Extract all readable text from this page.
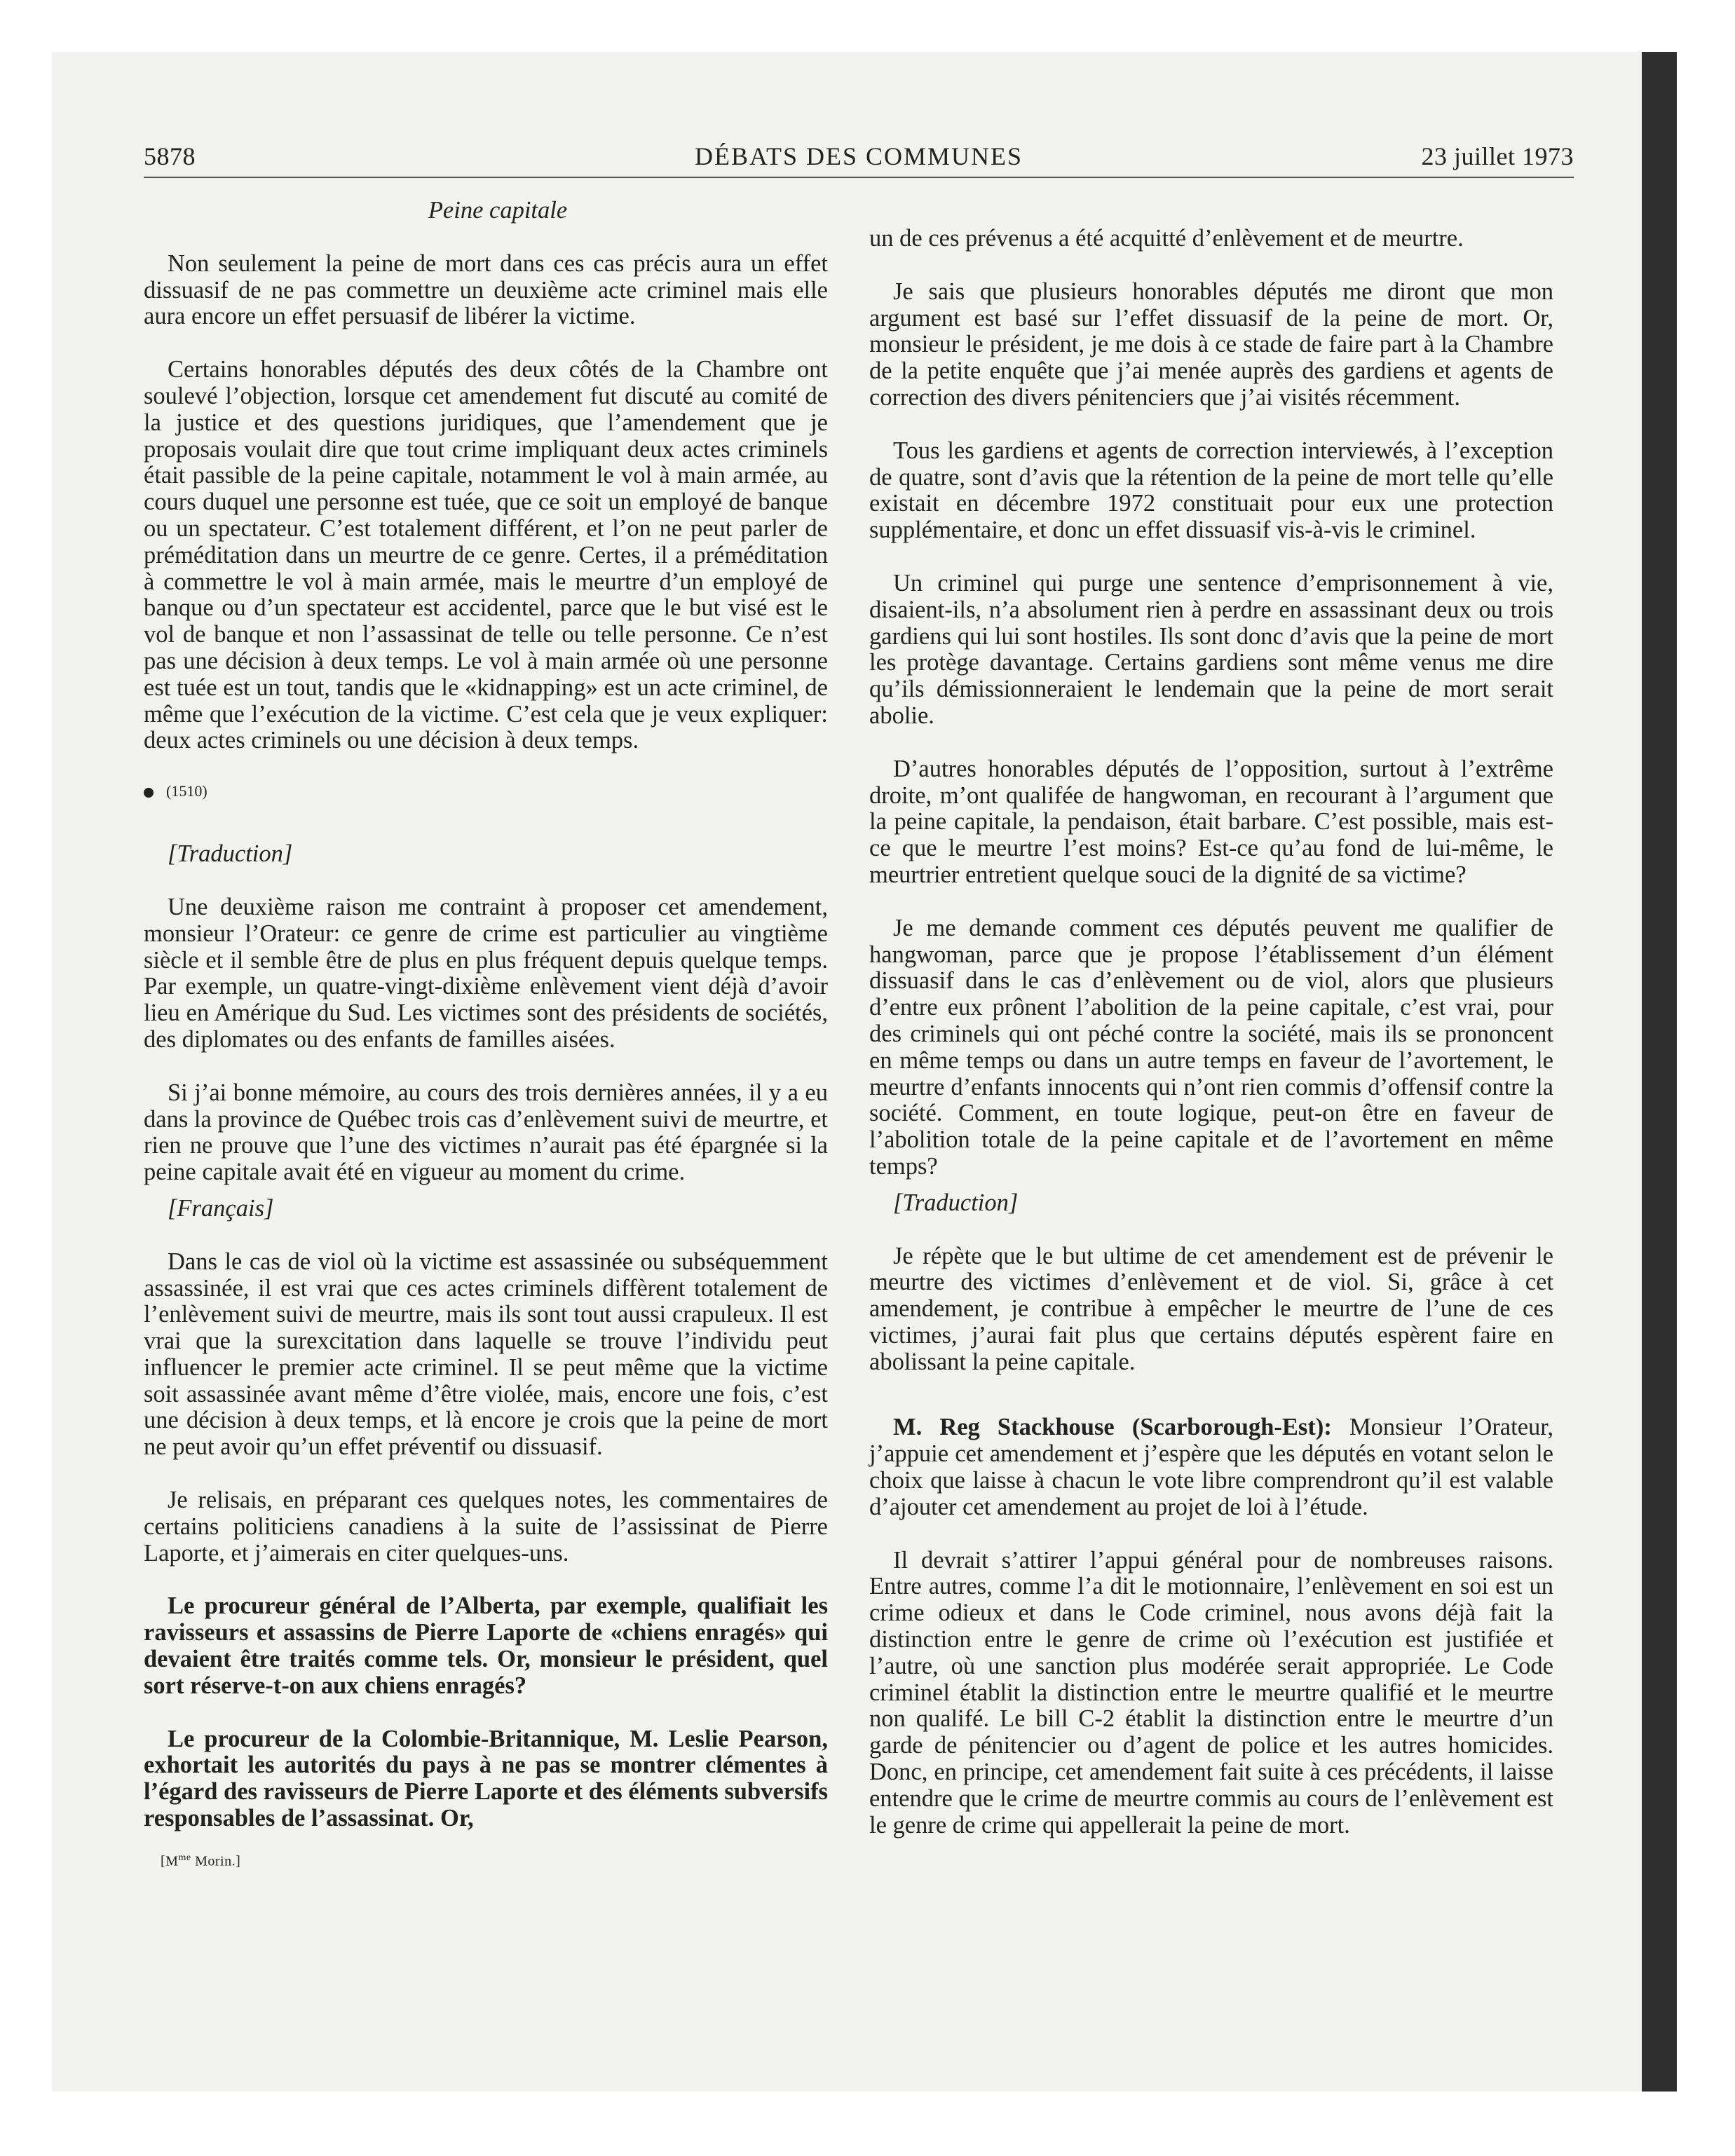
5878	DÉBATS DES COMMUNES	23 juillet 1973

Peine capitale

Non seulement la peine de mort dans ces cas précis aura un effet dissuasif de ne pas commettre un deuxième acte criminel mais elle aura encore un effet persuasif de libérer la victime.

Certains honorables députés des deux côtés de la Chambre ont soulevé l’objection, lorsque cet amendement fut discuté au comité de la justice et des questions juridiques, que l’amendement que je proposais voulait dire que tout crime impliquant deux actes criminels était passible de la peine capitale, notamment le vol à main armée, au cours duquel une personne est tuée, que ce soit un employé de banque ou un spectateur. C’est totalement différent, et l’on ne peut parler de préméditation dans un meurtre de ce genre. Certes, il a préméditation à commettre le vol à main armée, mais le meurtre d’un employé de banque ou d’un spectateur est accidentel, parce que le but visé est le vol de banque et non l’assassinat de telle ou telle personne. Ce n’est pas une décision à deux temps. Le vol à main armée où une personne est tuée est un tout, tandis que le «kidnapping» est un acte criminel, de même que l’exécution de la victime. C’est cela que je veux expliquer: deux actes criminels ou une décision à deux temps.

(1510)

[Traduction]

Une deuxième raison me contraint à proposer cet amendement, monsieur l’Orateur: ce genre de crime est particulier au vingtième siècle et il semble être de plus en plus fréquent depuis quelque temps. Par exemple, un quatre-vingt-dixième enlèvement vient déjà d’avoir lieu en Amérique du Sud. Les victimes sont des présidents de sociétés, des diplomates ou des enfants de familles aisées.

Si j’ai bonne mémoire, au cours des trois dernières années, il y a eu dans la province de Québec trois cas d’enlèvement suivi de meurtre, et rien ne prouve que l’une des victimes n’aurait pas été épargnée si la peine capitale avait été en vigueur au moment du crime.

[Français]

Dans le cas de viol où la victime est assassinée ou subséquemment assassinée, il est vrai que ces actes criminels diffèrent totalement de l’enlèvement suivi de meurtre, mais ils sont tout aussi crapuleux. Il est vrai que la surexcitation dans laquelle se trouve l’individu peut influencer le premier acte criminel. Il se peut même que la victime soit assassinée avant même d’être violée, mais, encore une fois, c’est une décision à deux temps, et là encore je crois que la peine de mort ne peut avoir qu’un effet préventif ou dissuasif.

Je relisais, en préparant ces quelques notes, les commentaires de certains politiciens canadiens à la suite de l’assissinat de Pierre Laporte, et j’aimerais en citer quelques-uns.

Le procureur général de l’Alberta, par exemple, qualifiait les ravisseurs et assassins de Pierre Laporte de «chiens enragés» qui devaient être traités comme tels. Or, monsieur le président, quel sort réserve-t-on aux chiens enragés?

Le procureur de la Colombie-Britannique, M. Leslie Pearson, exhortait les autorités du pays à ne pas se montrer clémentes à l’égard des ravisseurs de Pierre Laporte et des éléments subversifs responsables de l’assassinat. Or,

[$M^{me}$ Morin.]

un de ces prévenus a été acquitté d’enlèvement et de meurtre.

Je sais que plusieurs honorables députés me diront que mon argument est basé sur l’effet dissuasif de la peine de mort. Or, monsieur le président, je me dois à ce stade de faire part à la Chambre de la petite enquête que j’ai menée auprès des gardiens et agents de correction des divers pénitenciers que j’ai visités récemment.

Tous les gardiens et agents de correction interviewés, à l’exception de quatre, sont d’avis que la rétention de la peine de mort telle qu’elle existait en décembre 1972 constituait pour eux une protection supplémentaire, et donc un effet dissuasif vis-à-vis le criminel.

Un criminel qui purge une sentence d’emprisonnement à vie, disaient-ils, n’a absolument rien à perdre en assassinant deux ou trois gardiens qui lui sont hostiles. Ils sont donc d’avis que la peine de mort les protège davantage. Certains gardiens sont même venus me dire qu’ils démissionneraient le lendemain que la peine de mort serait abolie.

D’autres honorables députés de l’opposition, surtout à l’extrême droite, m’ont qualifée de hangwoman, en recourant à l’argument que la peine capitale, la pendaison, était barbare. C’est possible, mais est-ce que le meurtre l’est moins? Est-ce qu’au fond de lui-même, le meurtrier entretient quelque souci de la dignité de sa victime?

Je me demande comment ces députés peuvent me qualifier de hangwoman, parce que je propose l’établissement d’un élément dissuasif dans le cas d’enlèvement ou de viol, alors que plusieurs d’entre eux prônent l’abolition de la peine capitale, c’est vrai, pour des criminels qui ont péché contre la société, mais ils se prononcent en même temps ou dans un autre temps en faveur de l’avortement, le meurtre d’enfants innocents qui n’ont rien commis d’offensif contre la société. Comment, en toute logique, peut-on être en faveur de l’abolition totale de la peine capitale et de l’avortement en même temps?

[Traduction]

Je répète que le but ultime de cet amendement est de prévenir le meurtre des victimes d’enlèvement et de viol. Si, grâce à cet amendement, je contribue à empêcher le meurtre de l’une de ces victimes, j’aurai fait plus que certains députés espèrent faire en abolissant la peine capitale.

M. Reg Stackhouse (Scarborough-Est): Monsieur l’Orateur, j’appuie cet amendement et j’espère que les députés en votant selon le choix que laisse à chacun le vote libre comprendront qu’il est valable d’ajouter cet amendement au projet de loi à l’étude.

Il devrait s’attirer l’appui général pour de nombreuses raisons. Entre autres, comme l’a dit le motionnaire, l’enlèvement en soi est un crime odieux et dans le Code criminel, nous avons déjà fait la distinction entre le genre de crime où l’exécution est justifiée et l’autre, où une sanction plus modérée serait appropriée. Le Code criminel établit la distinction entre le meurtre qualifié et le meurtre non qualifé. Le bill C-2 établit la distinction entre le meurtre d’un garde de pénitencier ou d’agent de police et les autres homicides. Donc, en principe, cet amendement fait suite à ces précédents, il laisse entendre que le crime de meurtre commis au cours de l’enlèvement est le genre de crime qui appellerait la peine de mort.
